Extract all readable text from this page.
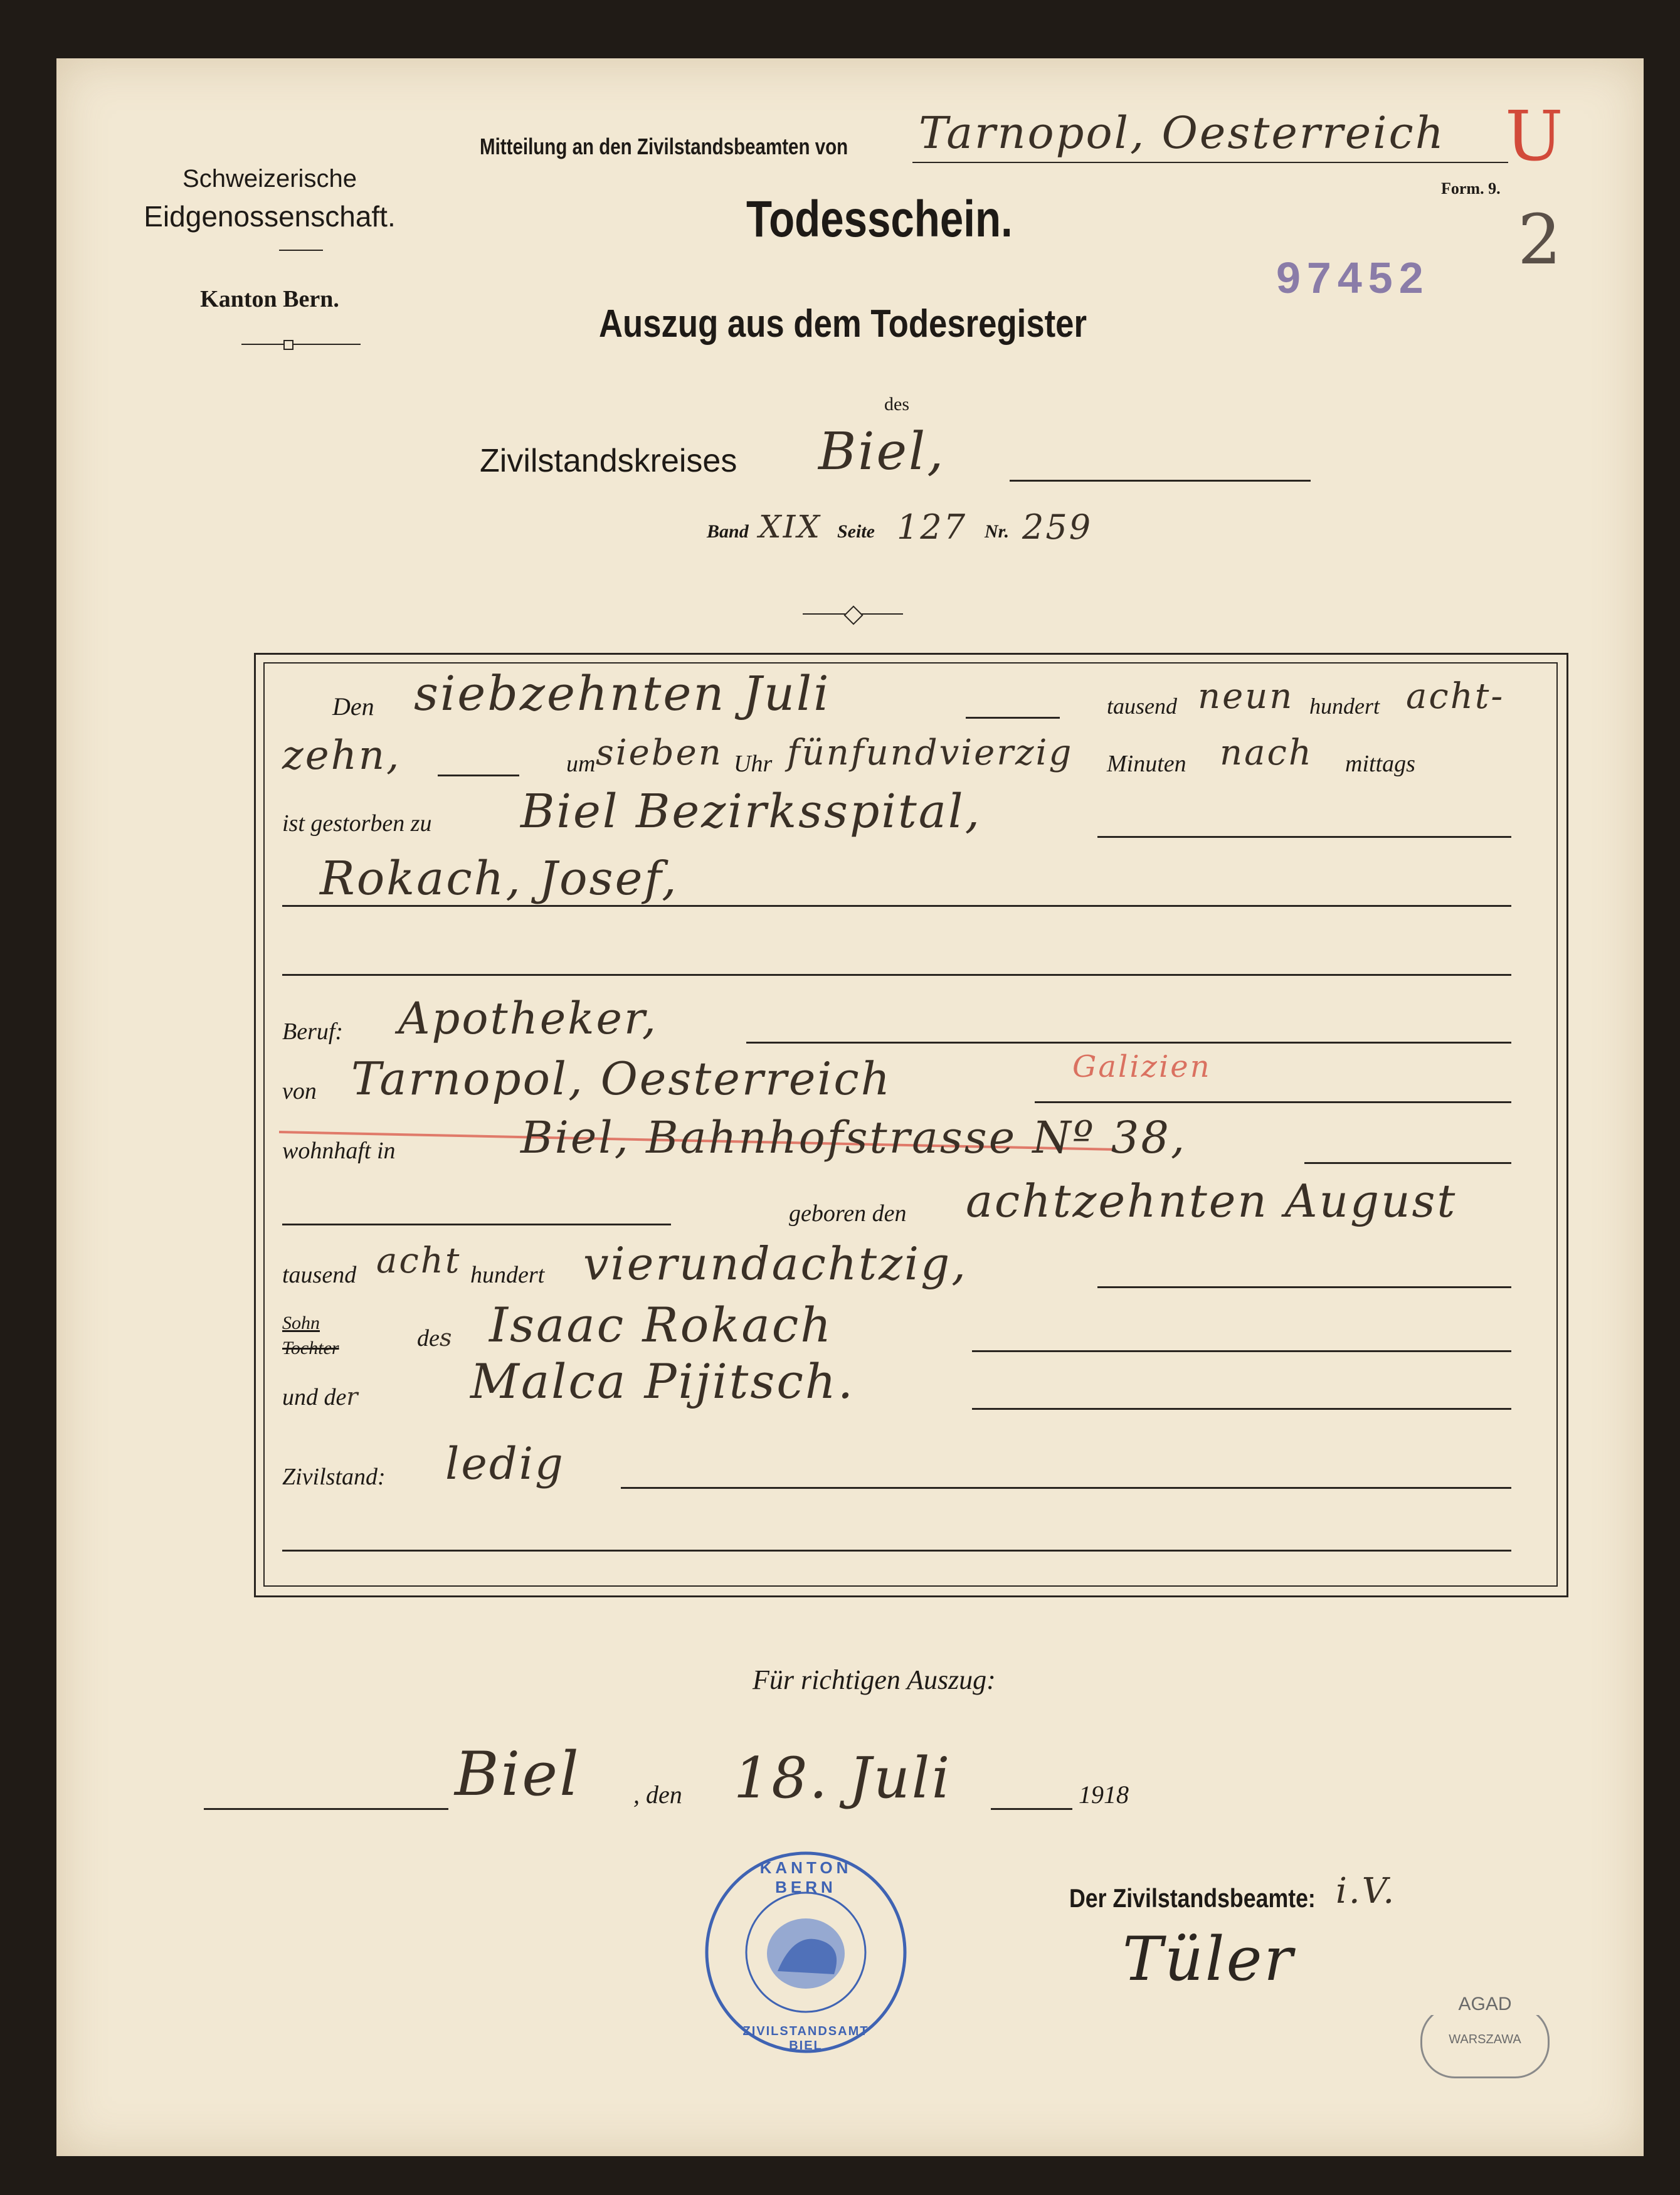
Schweizerische
Eidgenossenschaft.
Kanton Bern.
Mitteilung an den Zivilstandsbeamten von Tarnopol, Oesterreich U
Form. 9.
2
Todesschein.
97452
Auszug aus dem Todesregister
des
Zivilstandskreises Biel,
Band XIX Seite 127 Nr. 259
Den siebzehnten Juli	tausend neun hundert acht-
zehn,	um sieben Uhr fünfundvierzig Minuten nach mittags
ist gestorben zu Biel Bezirksspital,
Rokach, Josef,
Beruf: Apotheker,
von Tarnopol, Oesterreich	Galizien
wohnhaft in	Biel, Bahnhofstrasse Nº 38,
geboren den achtzehnten August
tausend acht hundert vierundachtzig,
Sohn
Tochter	des Isaac Rokach
und der Malca Pijitsch.
Zivilstand: ledig
Für richtigen Auszug:
Biel , den 18. Juli	1918
Der Zivilstandsbeamte: i.V.
Tüler
KANTON BERN
ZIVILSTANDSAMT BIEL
AGAD
WARSZAWA
